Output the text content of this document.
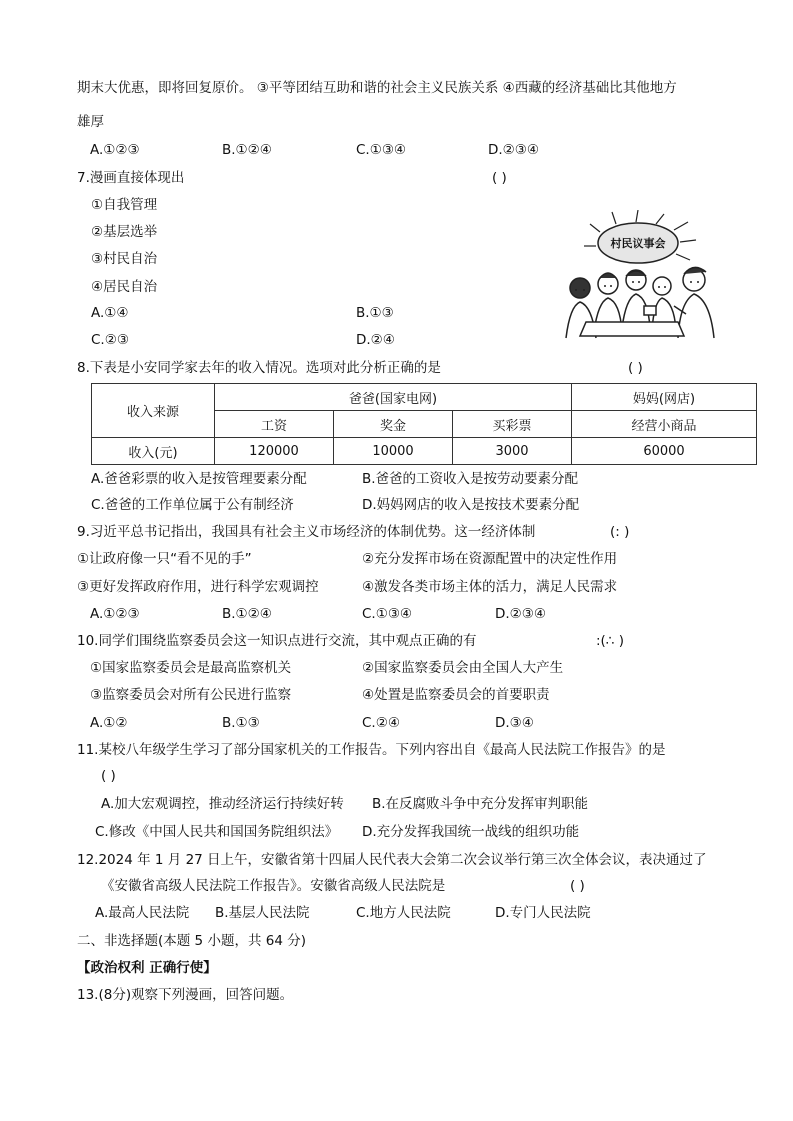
期末大优惠，即将回复原价。 ③平等团结互助和谐的社会主义民族关系 ④西藏的经济基础比其他地方
雄厚
A.①②③	B.①②④	C.①③④	D.②③④
7.漫画直接体现出	( )
①自我管理
②基层选举
③村民自治
④居民自治
A.①④	B.①③
C.②③	D.②④
村民议事会
8.下表是小安同学家去年的收入情况。选项对此分析正确的是	( )
收入来源	爸爸(国家电网)			妈妈(网店)
	工资	奖金	买彩票	经营小商品
收入(元)	120000	10000	3000	60000
A.爸爸彩票的收入是按管理要素分配	B.爸爸的工资收入是按劳动要素分配
C.爸爸的工作单位属于公有制经济	D.妈妈网店的收入是按技术要素分配
9.习近平总书记指出，我国具有社会主义市场经济的体制优势。这一经济体制	(: )
①让政府像一只“看不见的手”	②充分发挥市场在资源配置中的决定性作用
③更好发挥政府作用，进行科学宏观调控	④激发各类市场主体的活力，满足人民需求
A.①②③	B.①②④	C.①③④	D.②③④
10.同学们围绕监察委员会这一知识点进行交流，其中观点正确的有	:(∴ )
①国家监察委员会是最高监察机关	②国家监察委员会由全国人大产生
③监察委员会对所有公民进行监察	④处置是监察委员会的首要职责
A.①②	B.①③	C.②④	D.③④
11.某校八年级学生学习了部分国家机关的工作报告。下列内容出自《最高人民法院工作报告》的是
( )
A.加大宏观调控，推动经济运行持续好转 B.在反腐败斗争中充分发挥审判职能
C.修改《中国人民共和国国务院组织法》 D.充分发挥我国统一战线的组织功能
12.2024 年 1 月 27 日上午，安徽省第十四届人民代表大会第二次会议举行第三次全体会议，表决通过了
《安徽省高级人民法院工作报告》。安徽省高级人民法院是	( )
A.最高人民法院 B.基层人民法院	C.地方人民法院	D.专门人民法院
二、非选择题(本题 5 小题，共 64 分)
【政治权利 正确行使】
13.(8分)观察下列漫画，回答问题。
